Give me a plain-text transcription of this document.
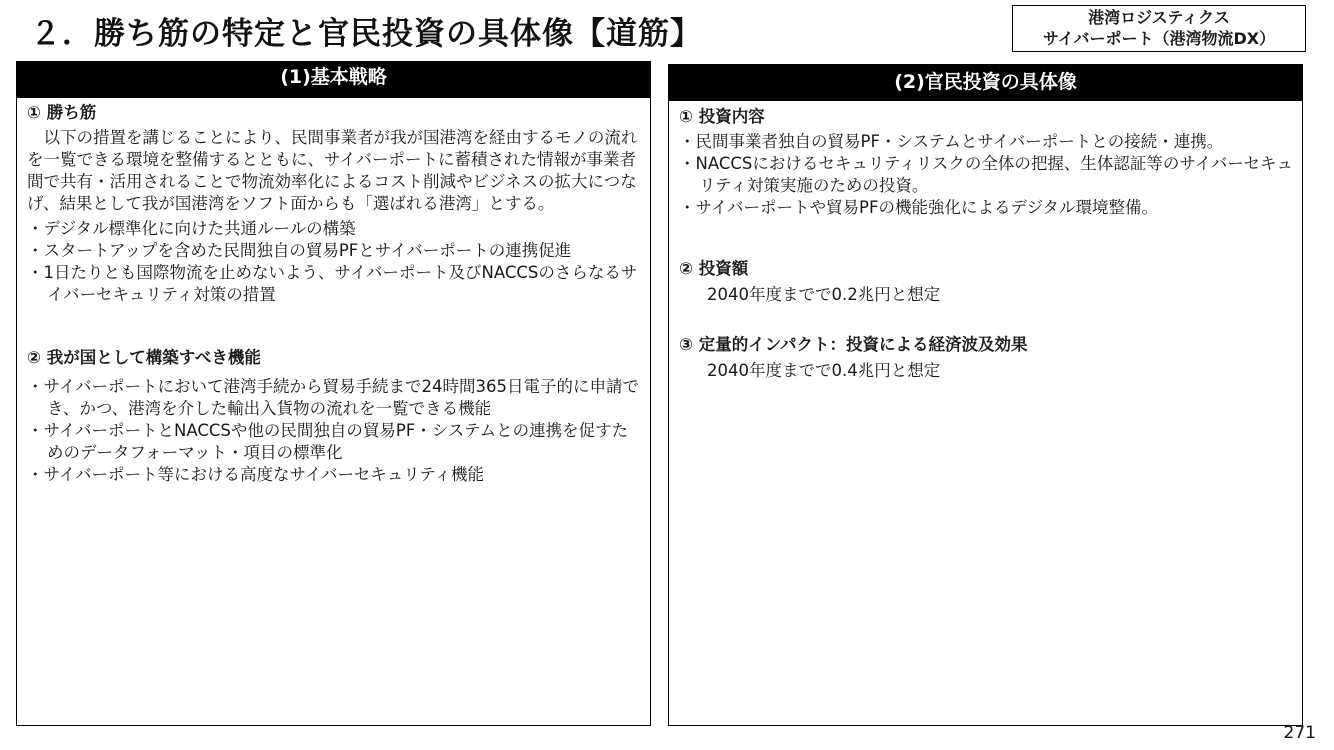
２．勝ち筋の特定と官民投資の具体像【道筋】	港湾ロジスティクス
サイバーポート（港湾物流DX）
(1)基本戦略
① 勝ち筋

以下の措置を講じることにより、民間事業者が我が国港湾を経由するモノの流れを一覧できる環境を整備するとともに、サイバーポートに蓄積された情報が事業者間で共有・活用されることで物流効率化によるコスト削減やビジネスの拡大につなげ、結果として我が国港湾をソフト面からも「選ばれる港湾」とする。

・デジタル標準化に向けた共通ルールの構築
・スタートアップを含めた民間独自の貿易PFとサイバーポートの連携促進
・1日たりとも国際物流を止めないよう、サイバーポート及びNACCSのさらなるサイバーセキュリティ対策の措置
② 我が国として構築すべき機能
・サイバーポートにおいて港湾手続から貿易手続まで24時間365日電子的に申請でき、かつ、港湾を介した輸出入貨物の流れを一覧できる機能
・サイバーポートとNACCSや他の民間独自の貿易PF・システムとの連携を促すためのデータフォーマット・項目の標準化
・サイバーポート等における高度なサイバーセキュリティ機能
(2)官民投資の具体像
① 投資内容
・民間事業者独自の貿易PF・システムとサイバーポートとの接続・連携。
・NACCSにおけるセキュリティリスクの全体の把握、生体認証等のサイバーセキュリティ対策実施のための投資。
・サイバーポートや貿易PFの機能強化によるデジタル環境整備。
② 投資額
2040年度までで0.2兆円と想定
③ 定量的インパクト：投資による経済波及効果
2040年度までで0.4兆円と想定
271
